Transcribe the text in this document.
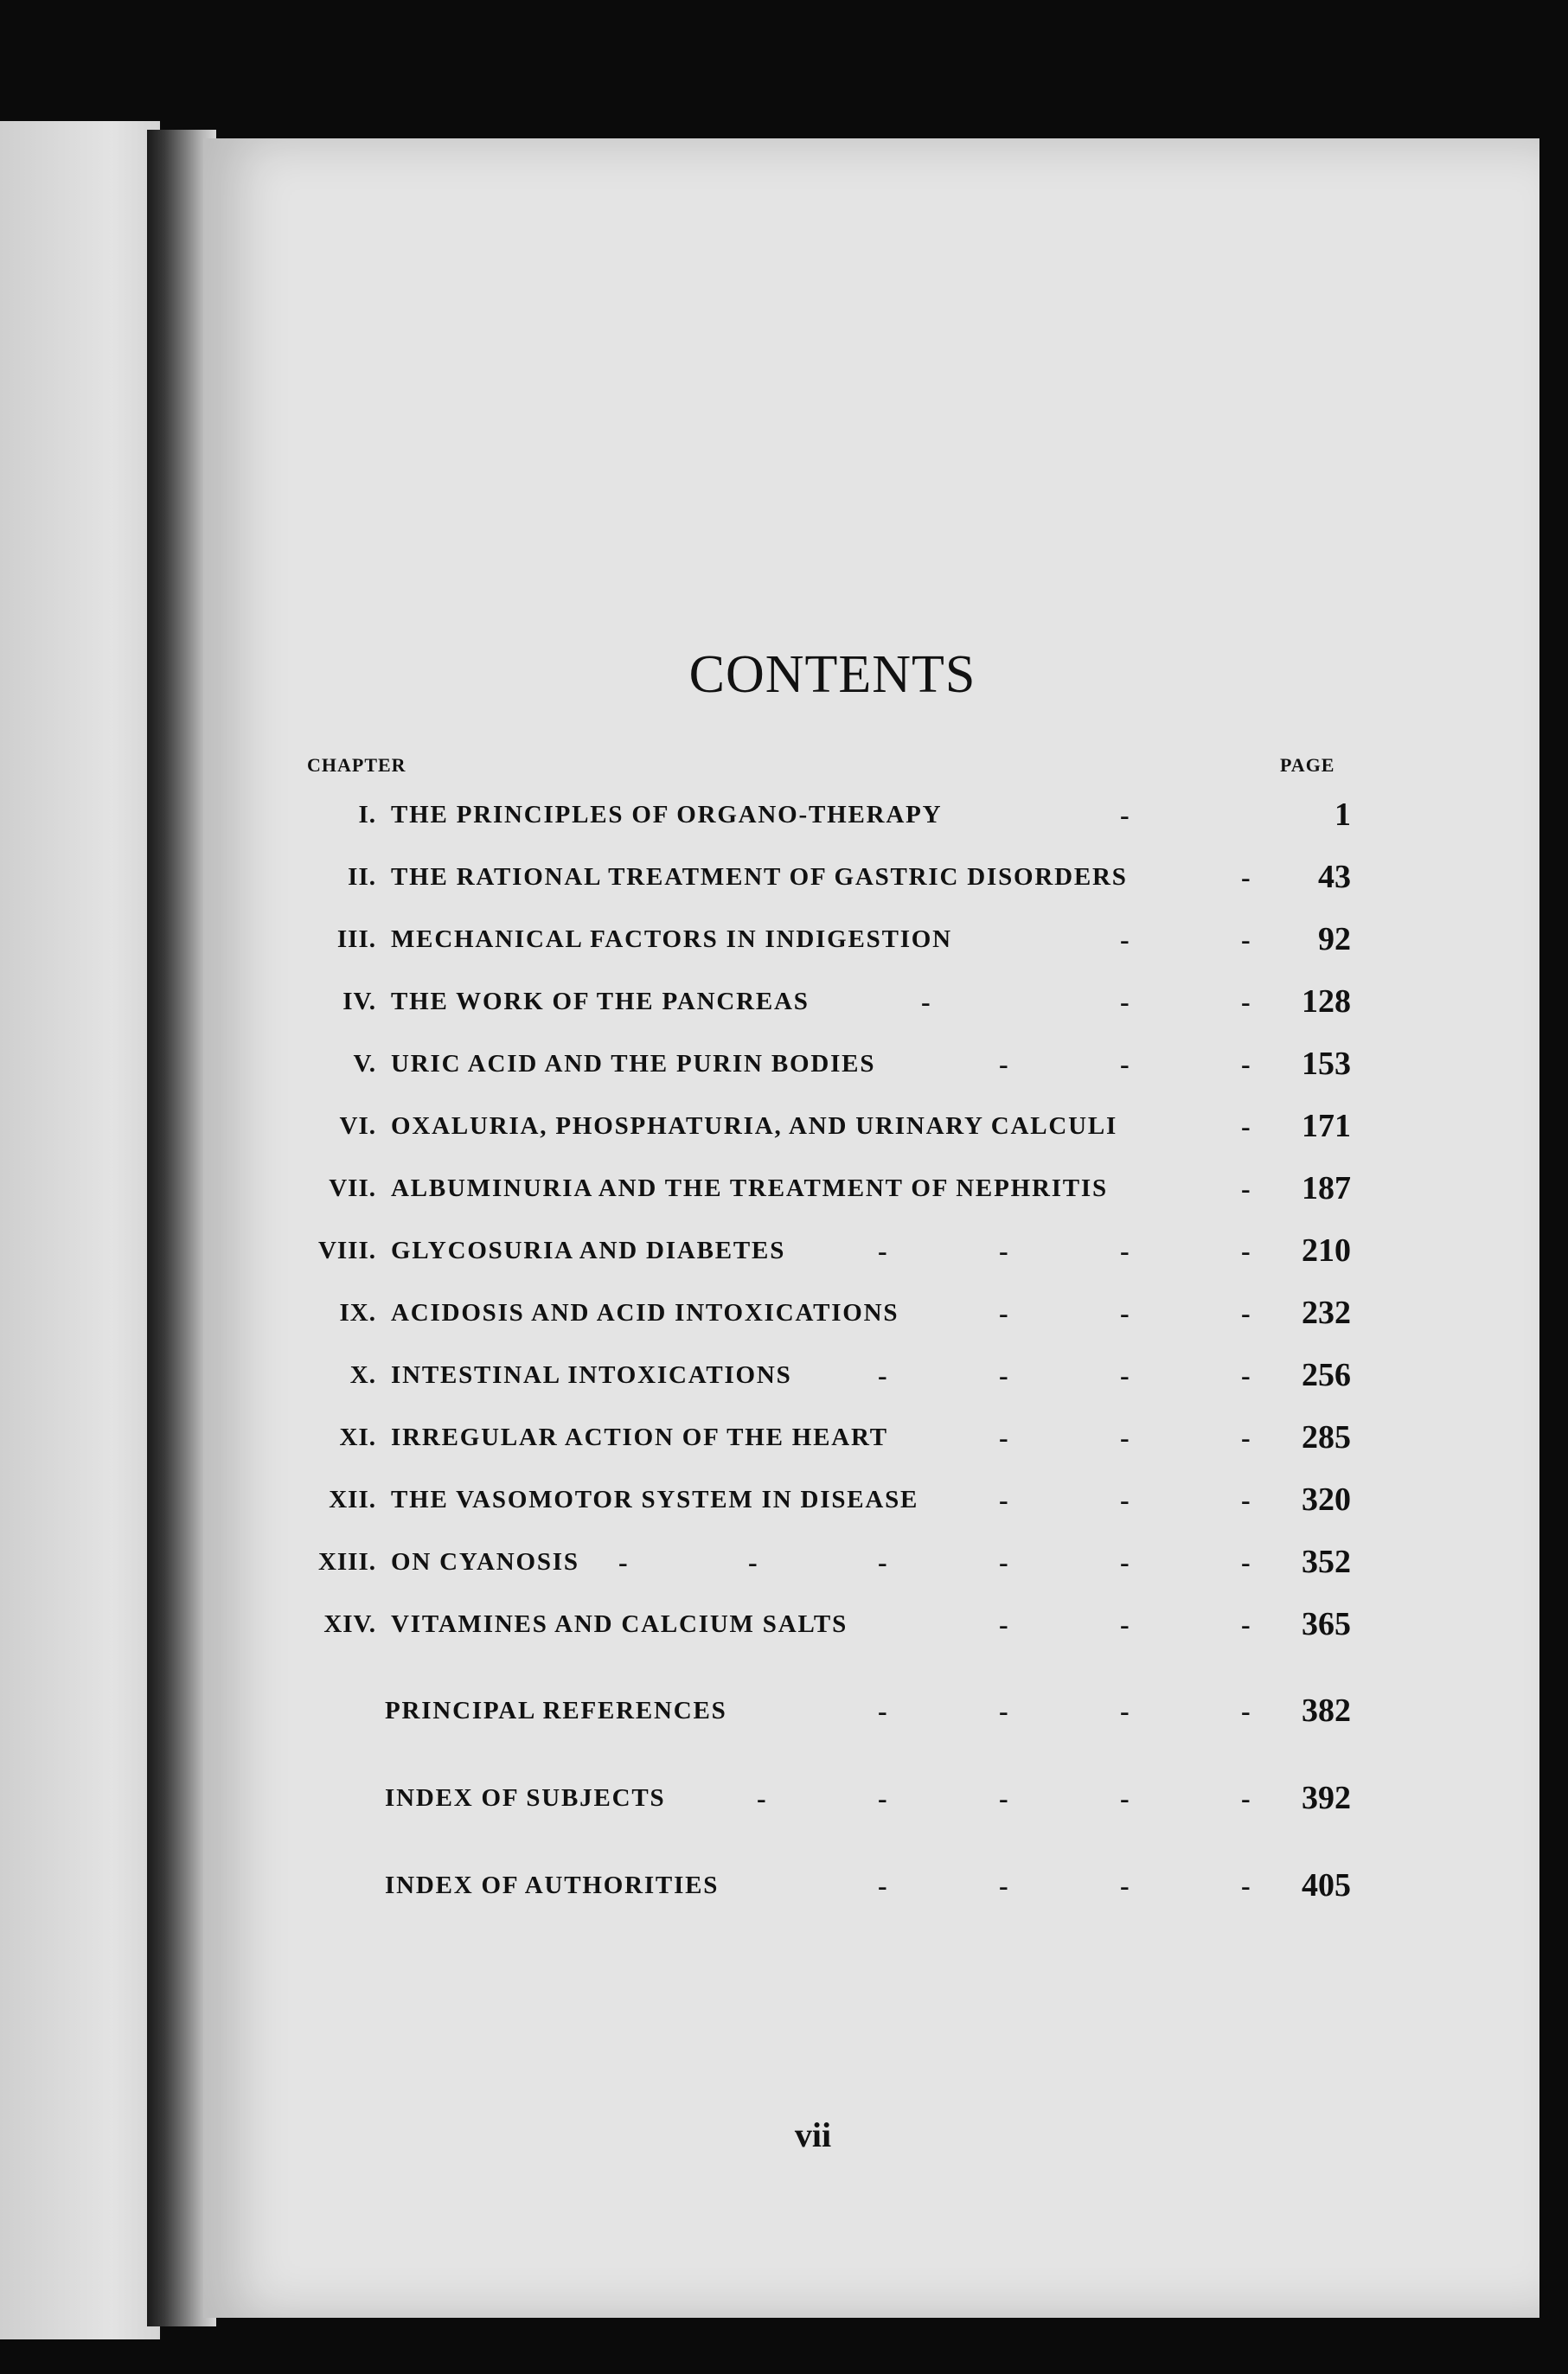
CONTENTS
CHAPTER	PAGE
I. THE PRINCIPLES OF ORGANO-THERAPY	-	1
II. THE RATIONAL TREATMENT OF GASTRIC DISORDERS	- 43
III. MECHANICAL FACTORS IN INDIGESTION	-	- 92
IV. THE WORK OF THE PANCREAS	-	-	- 128
V. URIC ACID AND THE PURIN BODIES	-	-	- 153
VI. OXALURIA, PHOSPHATURIA, AND URINARY CALCULI	- 171
VII. ALBUMINURIA AND THE TREATMENT OF NEPHRITIS	- 187
VIII. GLYCOSURIA AND DIABETES	-	-	-	- 210
IX. ACIDOSIS AND ACID INTOXICATIONS	-	-	- 232
X. INTESTINAL INTOXICATIONS	-	-	-	- 256
XI. IRREGULAR ACTION OF THE HEART	-	-	- 285
XII. THE VASOMOTOR SYSTEM IN DISEASE	-	-	- 320
XIII. ON CYANOSIS -	-	-	-	-	- 352
XIV. VITAMINES AND CALCIUM SALTS	-	-	- 365
PRINCIPAL REFERENCES	-	-	-	- 382
INDEX OF SUBJECTS	-	-	-	-	- 392
INDEX OF AUTHORITIES	-	-	-	- 405
vii
